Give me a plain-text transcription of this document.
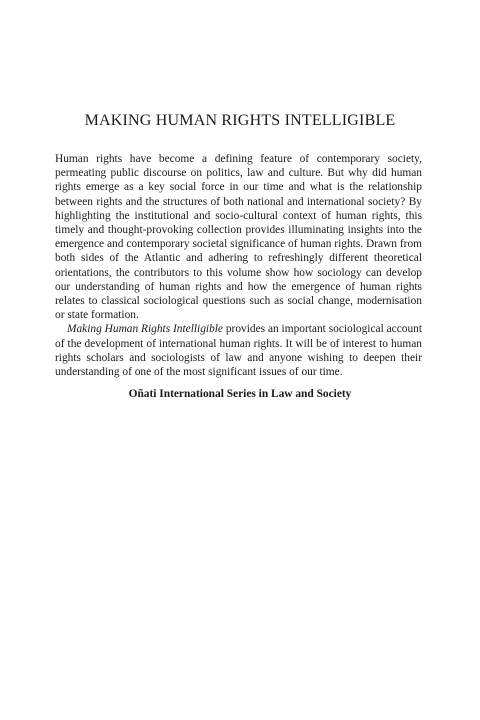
MAKING HUMAN RIGHTS INTELLIGIBLE

Human rights have become a defining feature of contemporary society, permeating public discourse on politics, law and culture. But why did human rights emerge as a key social force in our time and what is the relationship between rights and the structures of both national and international society? By highlighting the institutional and socio-cultural context of human rights, this timely and thought-provoking collection provides illuminating insights into the emergence and contemporary societal significance of human rights. Drawn from both sides of the Atlantic and adhering to refreshingly different theoretical orientations, the contributors to this volume show how sociology can develop our understanding of human rights and how the emergence of human rights relates to classical sociological questions such as social change, modernisation or state formation.

Making Human Rights Intelligible provides an important sociological account of the development of international human rights. It will be of interest to human rights scholars and sociologists of law and anyone wishing to deepen their understanding of one of the most significant issues of our time.

Oñati International Series in Law and Society
